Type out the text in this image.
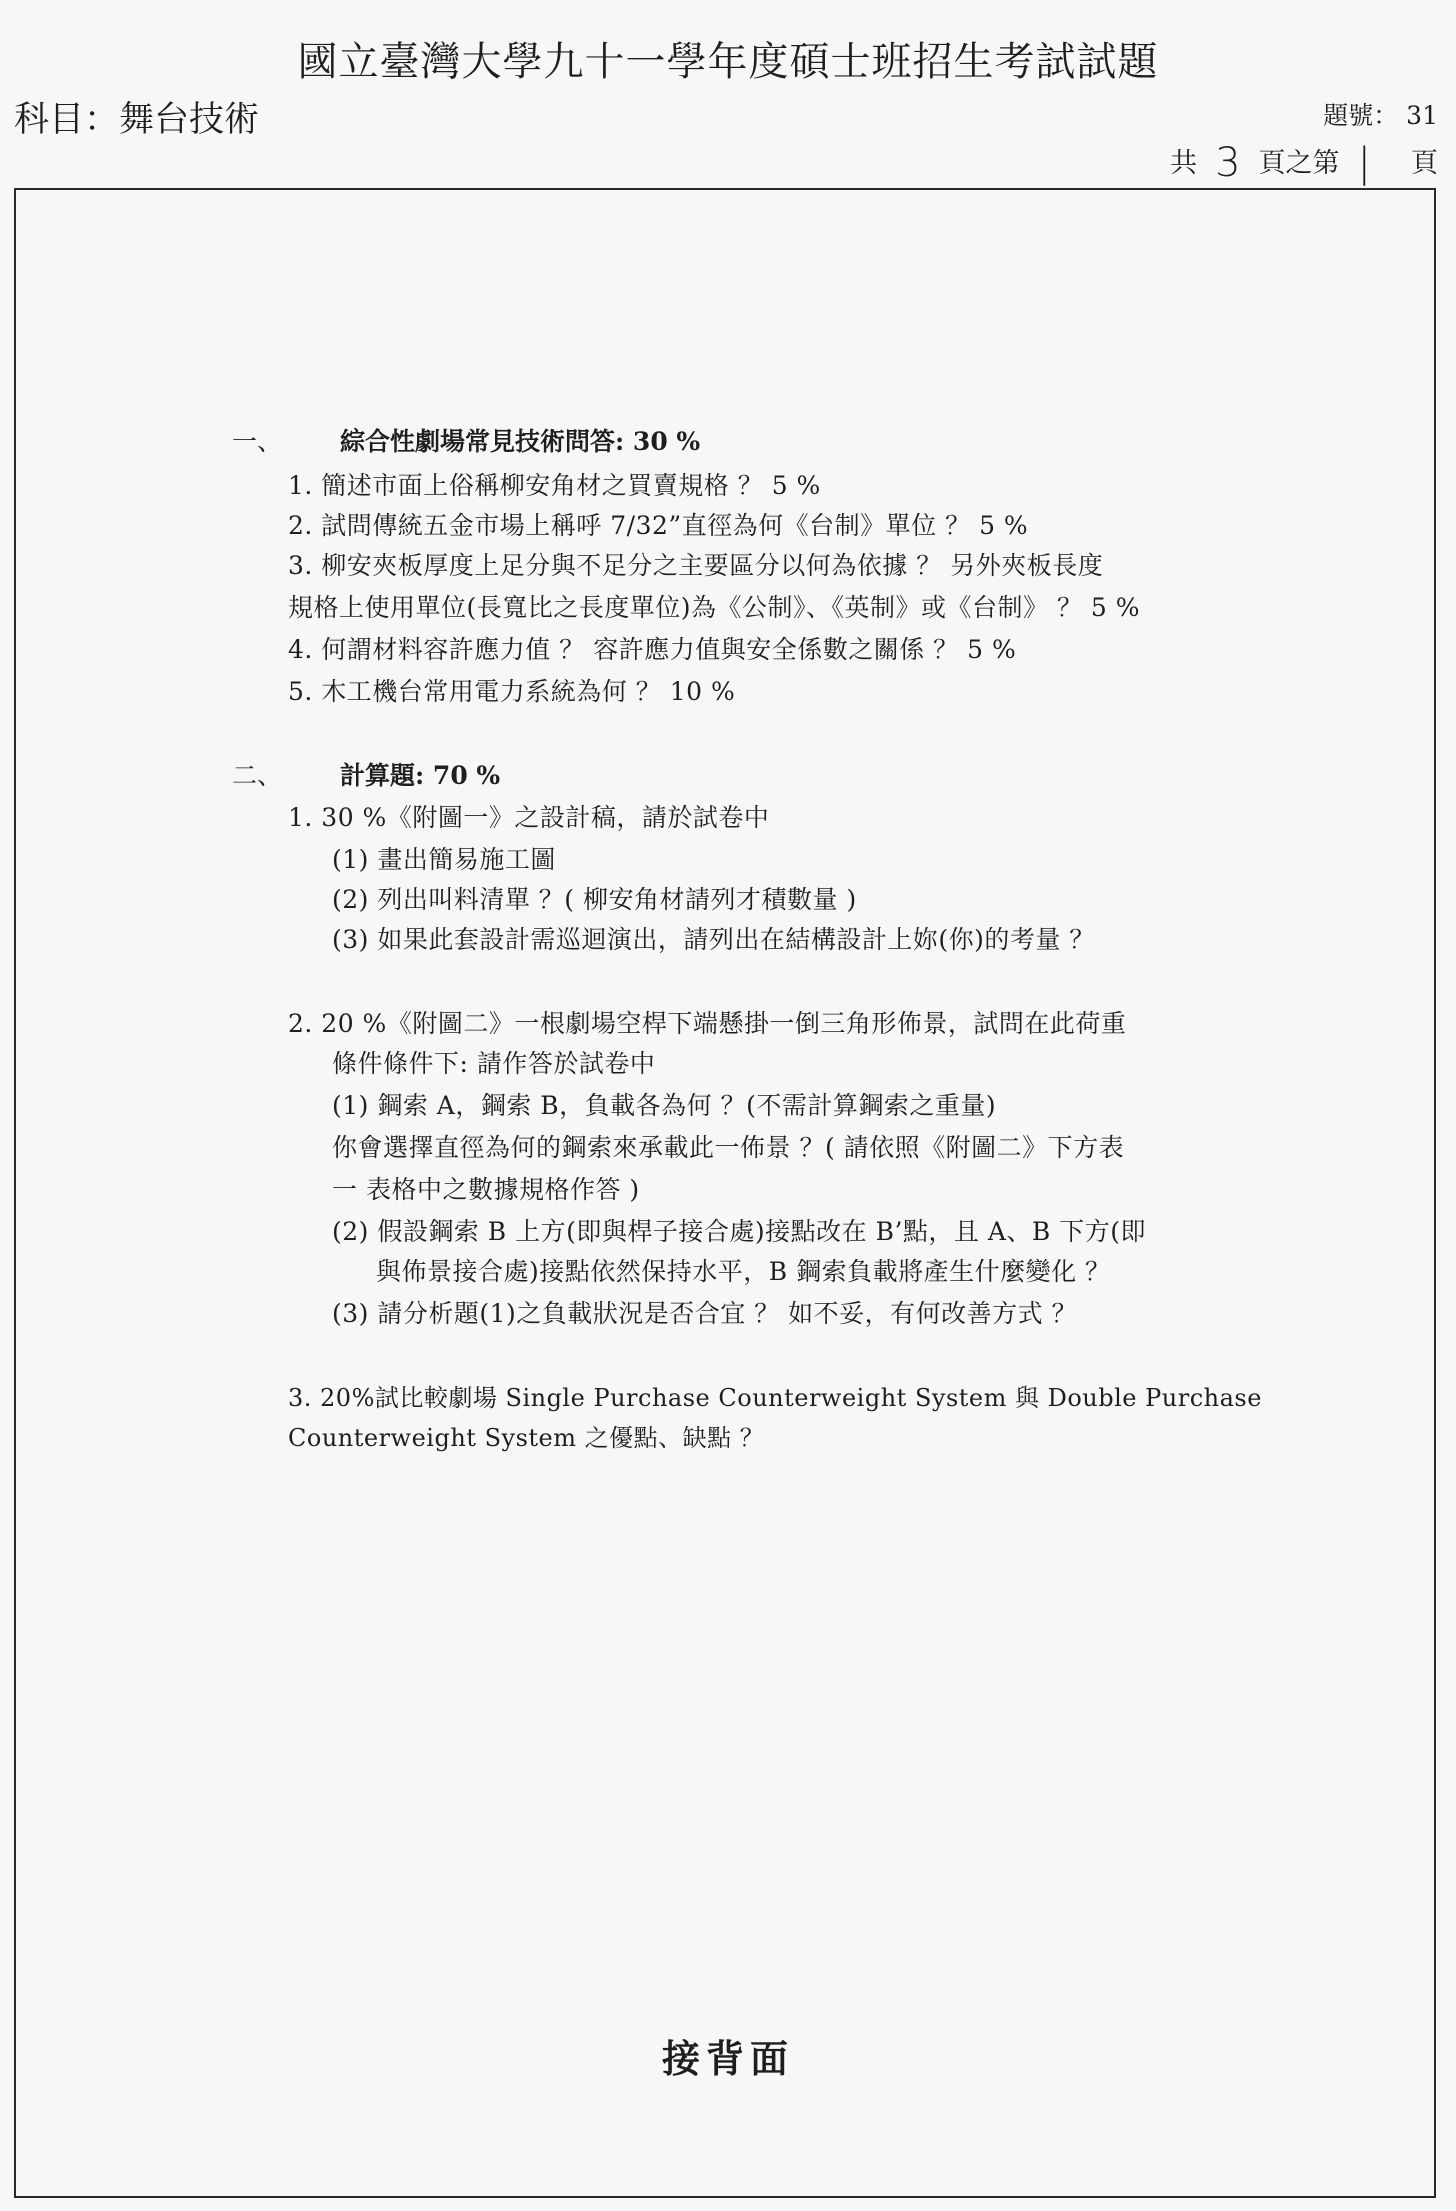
國立臺灣大學九十一學年度碩士班招生考試試題
科目：舞台技術	題號： 31
共 3 頁之第 | 頁
一、 綜合性劇場常見技術問答: 30 %
1. 簡述市面上俗稱柳安角材之買賣規格 ？ 5 %
2. 試問傳統五金市場上稱呼 7/32”直徑為何《台制》單位 ？ 5 %
3. 柳安夾板厚度上足分與不足分之主要區分以何為依據 ？ 另外夾板長度
規格上使用單位(長寬比之長度單位)為《公制》、《英制》或《台制》 ？ 5 %
4. 何謂材料容許應力值 ？ 容許應力值與安全係數之關係 ？ 5 %
5. 木工機台常用電力系統為何 ？ 10 %
二、 計算題: 70 %
1. 30 %《附圖一》之設計稿，請於試卷中
(1) 畫出簡易施工圖
(2) 列出叫料清單 ？( 柳安角材請列才積數量 )
(3) 如果此套設計需巡迴演出，請列出在結構設計上妳(你)的考量 ？
2. 20 %《附圖二》一根劇場空桿下端懸掛一倒三角形佈景，試問在此荷重
條件條件下: 請作答於試卷中
(1) 鋼索 A，鋼索 B，負載各為何 ？(不需計算鋼索之重量)
你會選擇直徑為何的鋼索來承載此一佈景 ？( 請依照《附圖二》下方表
一 表格中之數據規格作答 )
(2) 假設鋼索 B 上方(即與桿子接合處)接點改在 B’點，且 A、B 下方(即
與佈景接合處)接點依然保持水平，B 鋼索負載將產生什麼變化 ？
(3) 請分析題(1)之負載狀況是否合宜 ？ 如不妥，有何改善方式 ？
3. 20%試比較劇場 Single Purchase Counterweight System 與 Double Purchase
Counterweight System 之優點、缺點 ？
接背面
